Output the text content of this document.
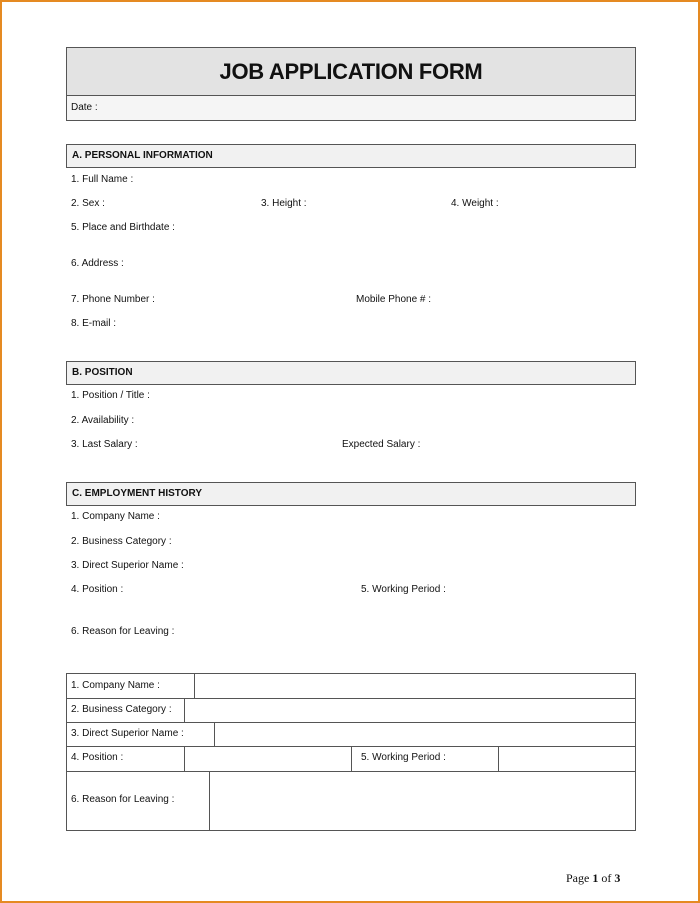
JOB APPLICATION FORM
Date :
A. PERSONAL INFORMATION
1. Full Name :
2. Sex :	3. Height :	4. Weight :
5. Place and Birthdate :
6. Address :
7. Phone Number :	Mobile Phone # :
8. E-mail :
B. POSITION
1. Position / Title :
2. Availability :
3. Last Salary :	Expected Salary :
C. EMPLOYMENT HISTORY
1. Company Name :
2. Business Category :
3. Direct Superior Name :
4. Position :	5. Working Period :
6. Reason for Leaving :
1. Company Name :
2. Business Category :
3. Direct Superior Name :
4. Position :	5. Working Period :
6. Reason for Leaving :
Page 1 of 3
